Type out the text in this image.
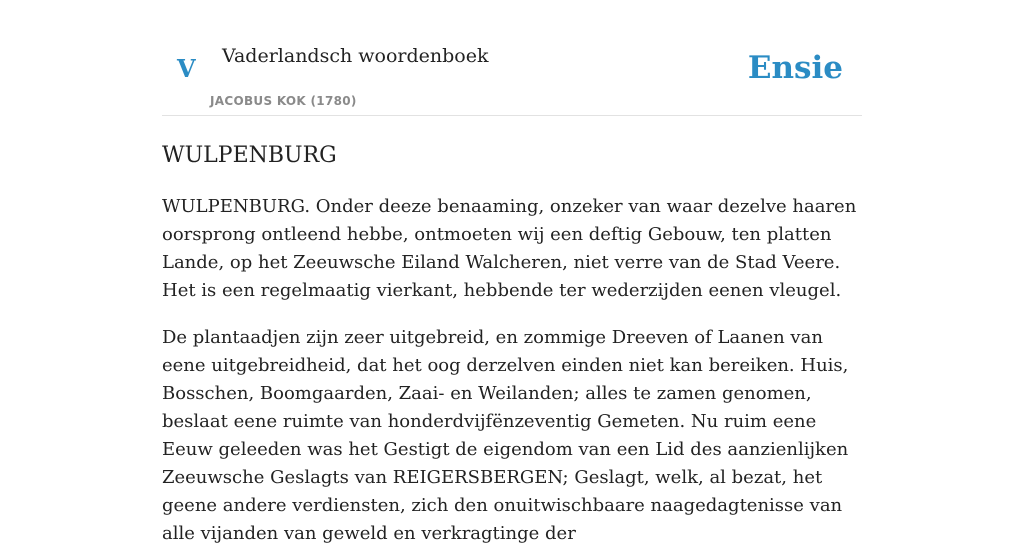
V Vaderlandsch woordenboek
JACOBUS KOK (1780)
Ensie
WULPENBURG

WULPENBURG. Onder deeze benaaming, onzeker van waar dezelve haaren oorsprong ontleend hebbe, ontmoeten wij een deftig Gebouw, ten platten Lande, op het Zeeuwsche Eiland Walcheren, niet verre van de Stad Veere. Het is een regelmaatig vierkant, hebbende ter wederzijden eenen vleugel.

De plantaadjen zijn zeer uitgebreid, en zommige Dreeven of Laanen van eene uitgebreidheid, dat het oog derzelven einden niet kan bereiken. Huis, Bosschen, Boomgaarden, Zaai- en Weilanden; alles te zamen genomen, beslaat eene ruimte van honderdvijfënzeventig Gemeten. Nu ruim eene Eeuw geleeden was het Gestigt de eigendom van een Lid des aanzienlijken Zeeuwsche Geslagts van REIGERSBERGEN; Geslagt, welk, al bezat, het geene andere verdiensten, zich den onuitwischbaare naagedagtenisse van alle vijanden van geweld en verkragtinge der
